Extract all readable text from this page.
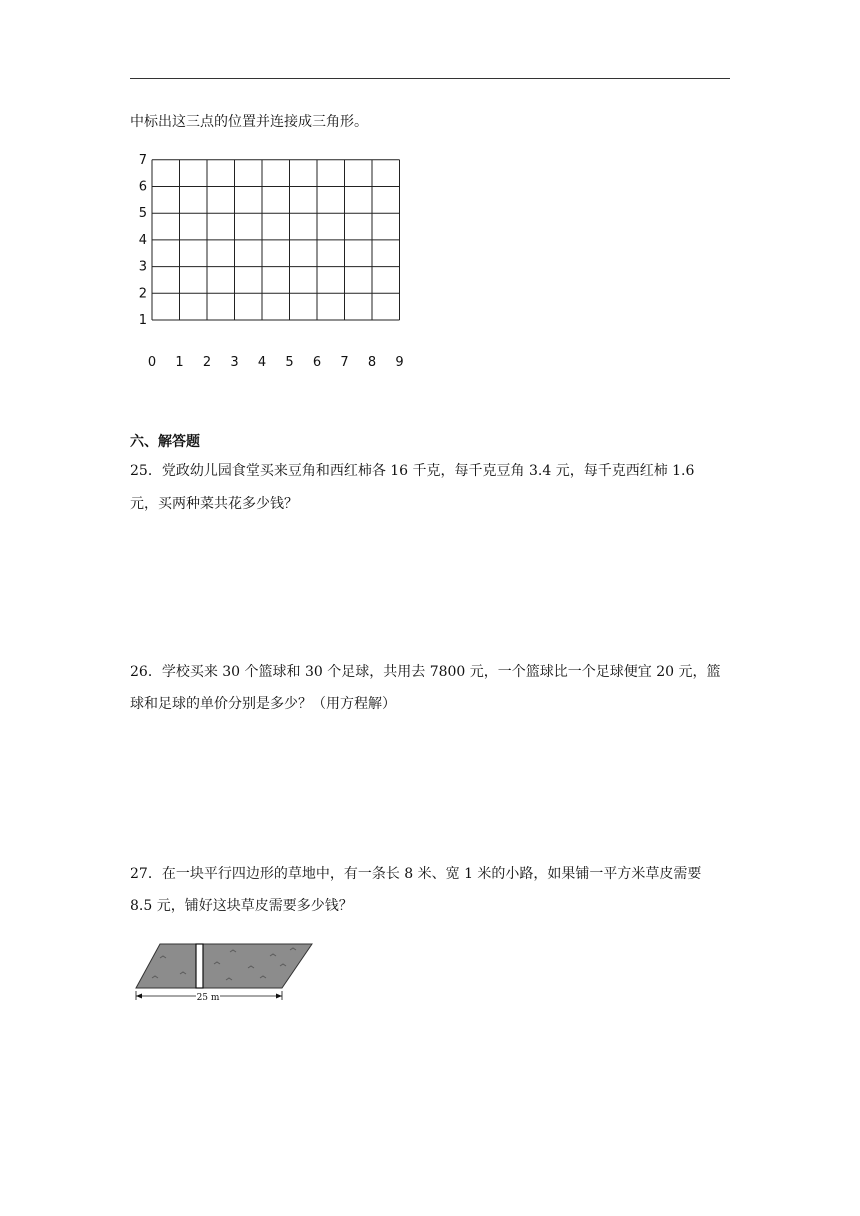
中标出这三点的位置并连接成三角形。
0 1 2 3 4 5 6 7 8 9
1
2
3
4
5
6
7
六、解答题
25．党政幼儿园食堂买来豆角和西红柿各 16 千克，每千克豆角 3.4 元，每千克西红柿 1.6
元，买两种菜共花多少钱？
26．学校买来 30 个篮球和 30 个足球，共用去 7800 元，一个篮球比一个足球便宜 20 元，篮
球和足球的单价分别是多少？（用方程解）
27．在一块平行四边形的草地中，有一条长 8 米、宽 1 米的小路，如果铺一平方米草皮需要
8.5 元，铺好这块草皮需要多少钱？
25 m
